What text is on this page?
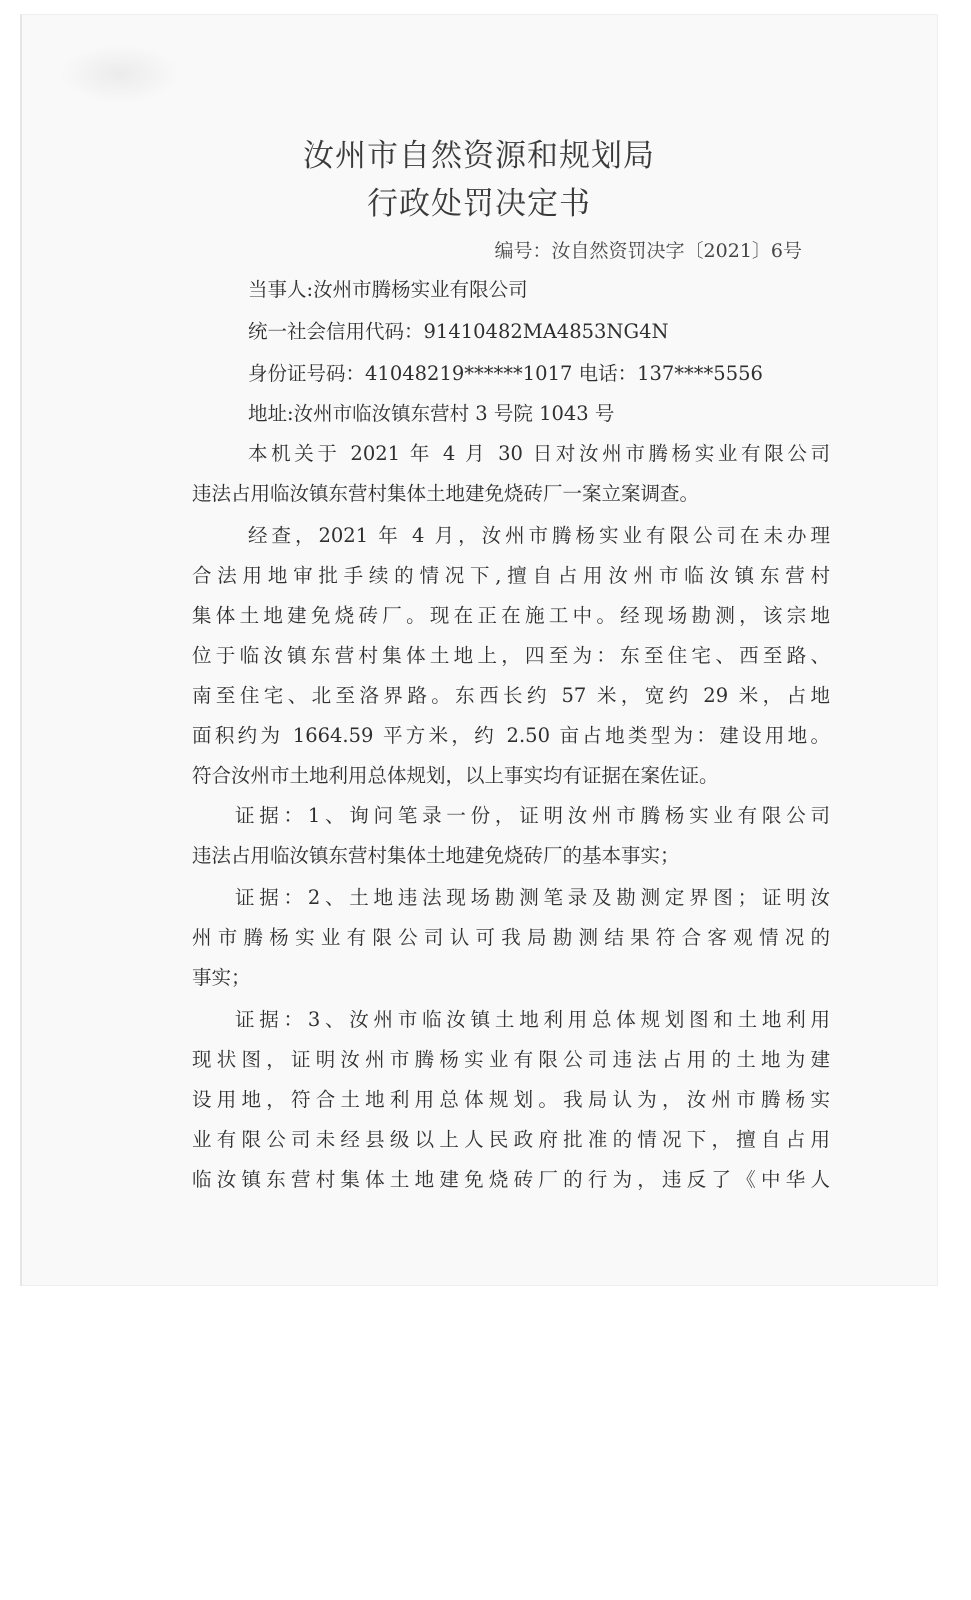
汝州市自然资源和规划局
行政处罚决定书
编号：汝自然资罚决字〔2021〕6号
当事人:汝州市腾杨实业有限公司
统一社会信用代码：91410482MA4853NG4N
身份证号码：41048219******1017 电话：137****5556
地址:汝州市临汝镇东营村 3 号院 1043 号
本机关于 2021 年 4 月 30 日对汝州市腾杨实业有限公司
违法占用临汝镇东营村集体土地建免烧砖厂一案立案调查。
经查，2021 年 4 月，汝州市腾杨实业有限公司在未办理
合法用地审批手续的情况下,擅自占用汝州市临汝镇东营村
集体土地建免烧砖厂。现在正在施工中。经现场勘测，该宗地
位于临汝镇东营村集体土地上，四至为：东至住宅、西至路、
南至住宅、北至洛界路。东西长约 57 米，宽约 29 米，占地
面积约为 1664.59 平方米，约 2.50 亩占地类型为：建设用地。
符合汝州市土地利用总体规划，以上事实均有证据在案佐证。
证据：1、询问笔录一份，证明汝州市腾杨实业有限公司
违法占用临汝镇东营村集体土地建免烧砖厂的基本事实；
证据：2、土地违法现场勘测笔录及勘测定界图；证明汝
州市腾杨实业有限公司认可我局勘测结果符合客观情况的
事实；
证据：3、汝州市临汝镇土地利用总体规划图和土地利用
现状图，证明汝州市腾杨实业有限公司违法占用的土地为建
设用地，符合土地利用总体规划。我局认为，汝州市腾杨实
业有限公司未经县级以上人民政府批准的情况下，擅自占用
临汝镇东营村集体土地建免烧砖厂的行为，违反了《中华人
